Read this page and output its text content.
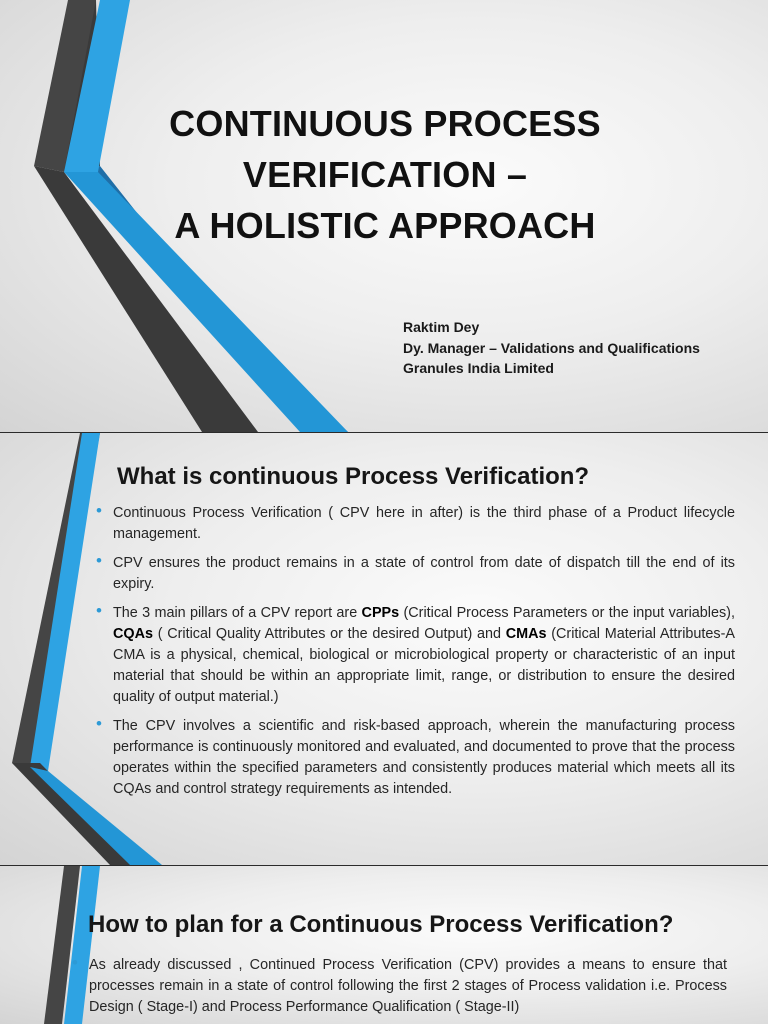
CONTINUOUS PROCESS
VERIFICATION –
A HOLISTIC APPROACH
Raktim Dey
Dy. Manager – Validations and Qualifications
Granules India Limited
What is continuous Process Verification?
• Continuous Process Verification ( CPV here in after) is the third phase of a Product lifecycle management.
• CPV ensures the product remains in a state of control from date of dispatch till the end of its expiry.
• The 3 main pillars of a CPV report are CPPs (Critical Process Parameters or the input variables), CQAs ( Critical Quality Attributes or the desired Output) and CMAs (Critical Material Attributes-A CMA is a physical, chemical, biological or microbiological property or characteristic of an input material that should be within an appropriate limit, range, or distribution to ensure the desired quality of output material.)
• The CPV involves a scientific and risk-based approach, wherein the manufacturing process performance is continuously monitored and evaluated, and documented to prove that the process operates within the specified parameters and consistently produces material which meets all its CQAs and control strategy requirements as intended.
How to plan for a Continuous Process Verification?
• As already discussed , Continued Process Verification (CPV) provides a means to ensure that processes remain in a state of control following the first 2 stages of Process validation i.e. Process Design ( Stage-I) and Process Performance Qualification ( Stage-II)
